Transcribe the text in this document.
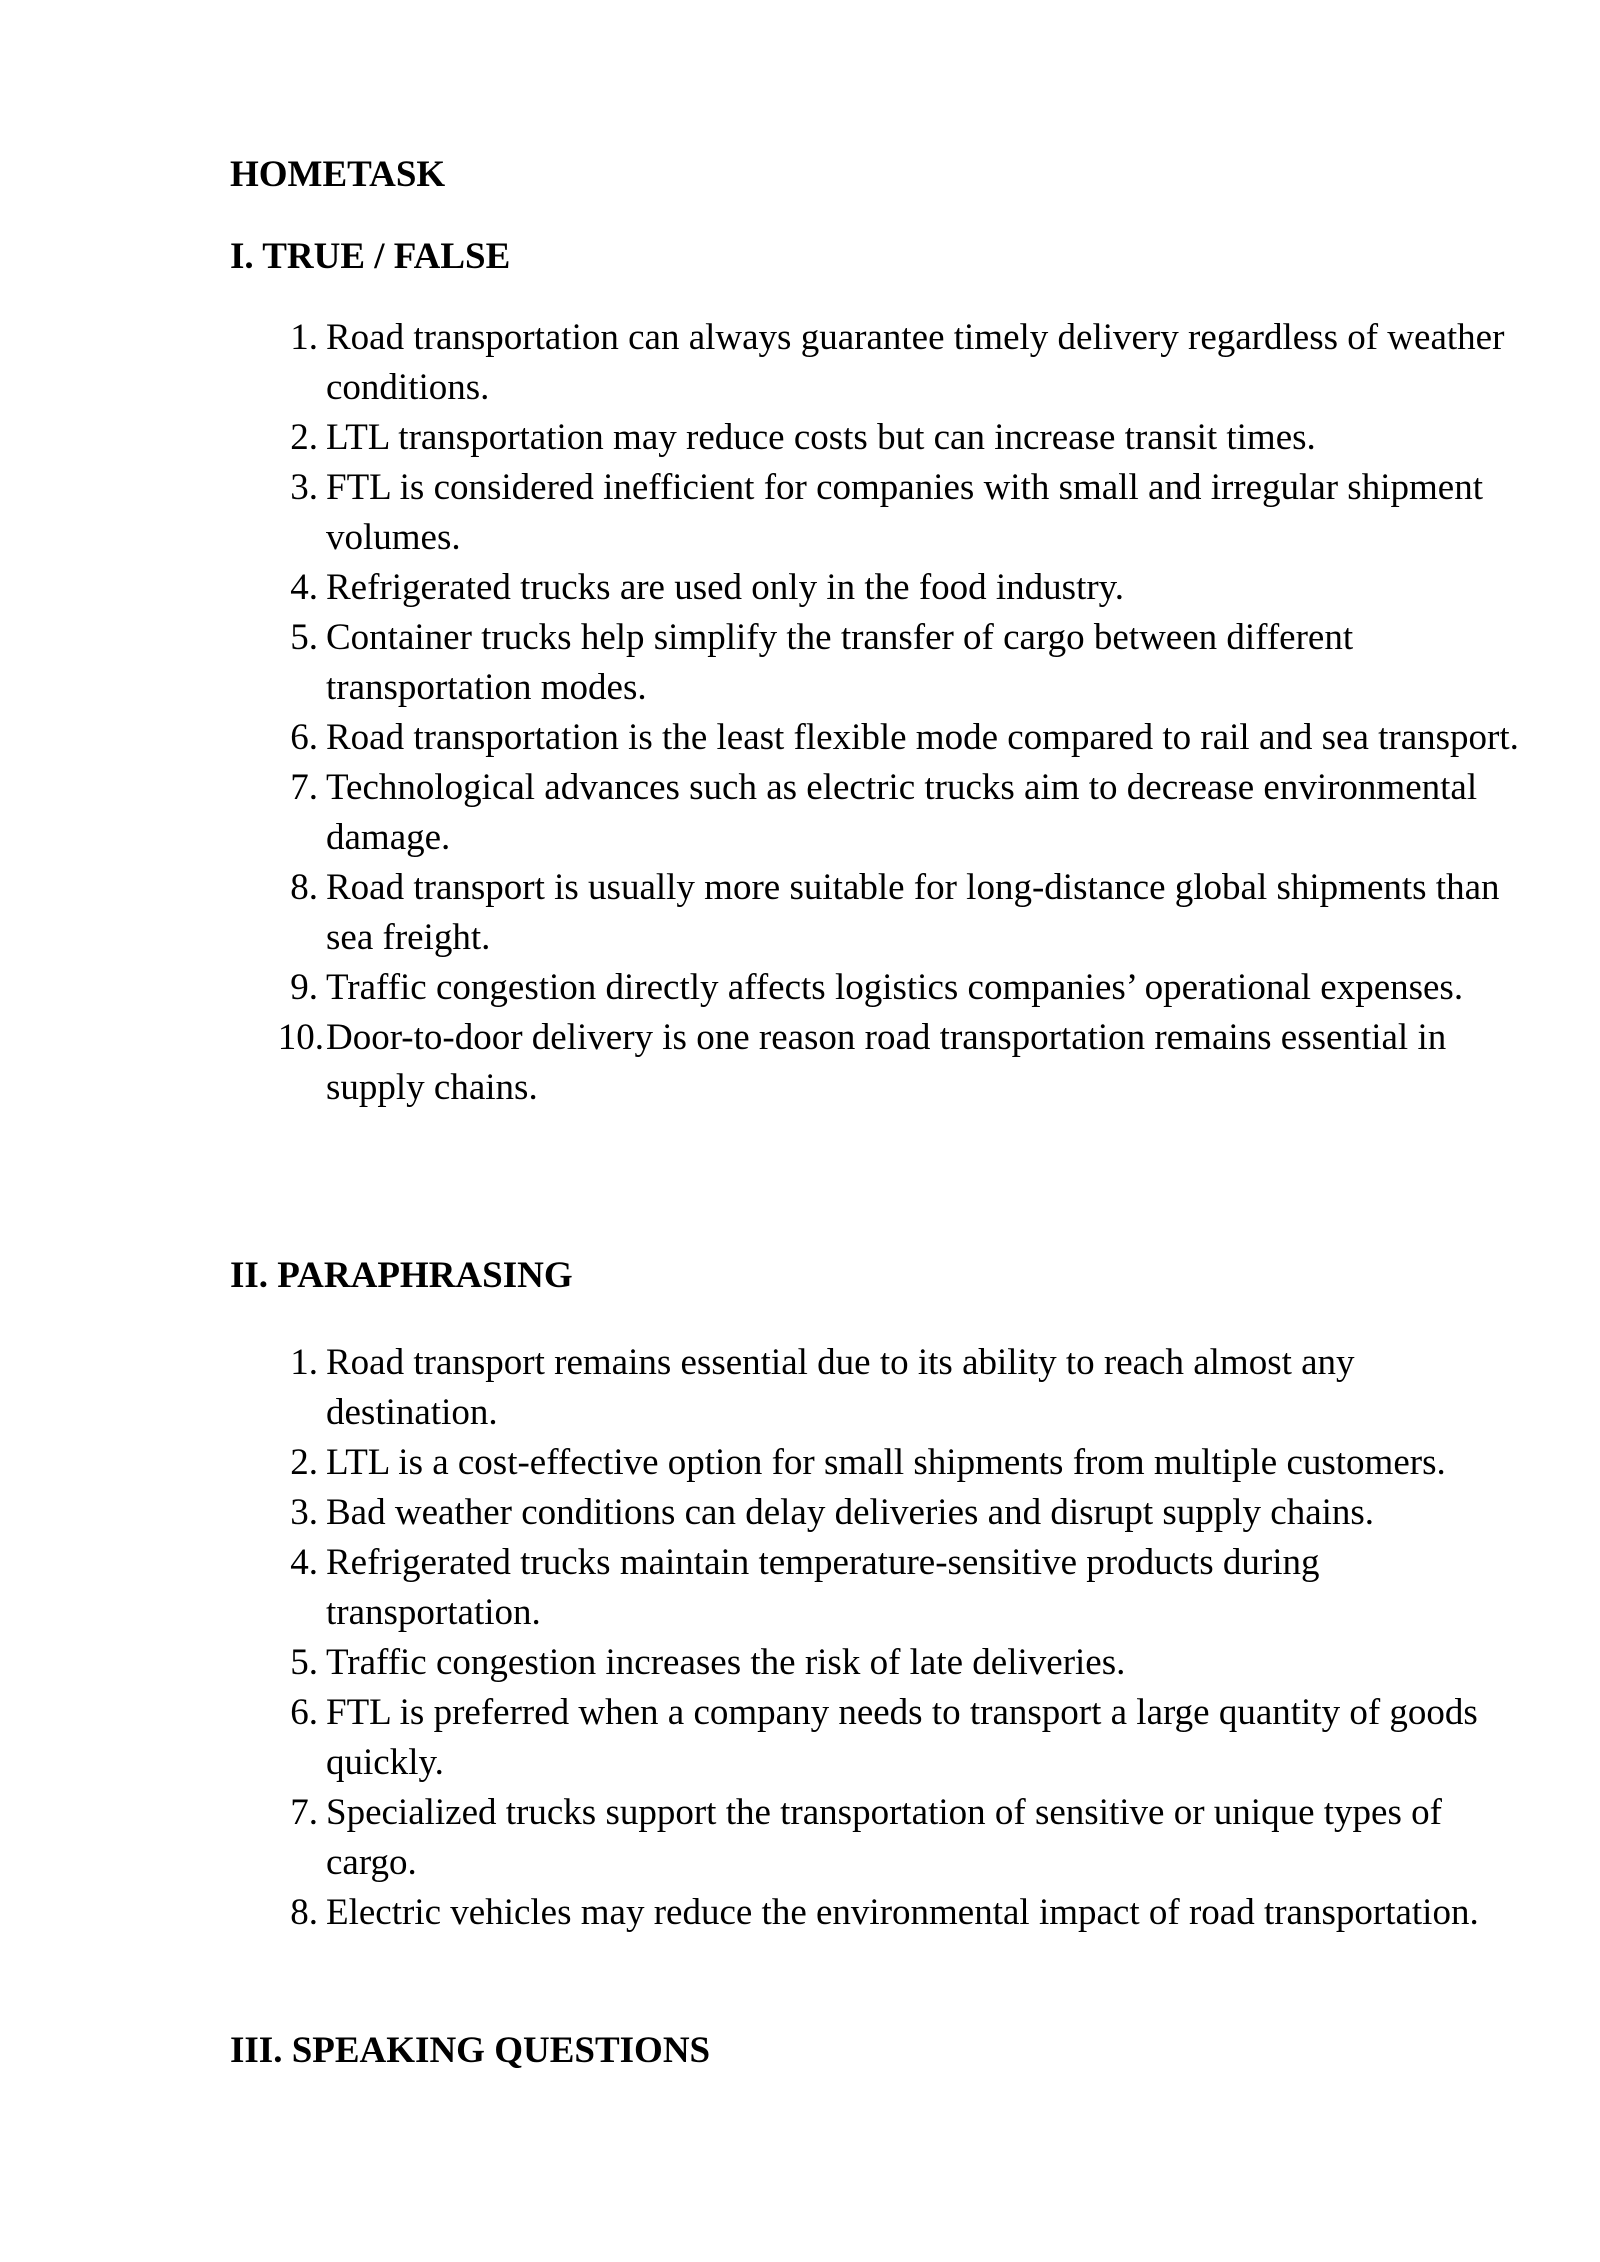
HOMETASK
I. TRUE / FALSE
1. Road transportation can always guarantee timely delivery regardless of weather conditions.
2. LTL transportation may reduce costs but can increase transit times.
3. FTL is considered inefficient for companies with small and irregular shipment volumes.
4. Refrigerated trucks are used only in the food industry.
5. Container trucks help simplify the transfer of cargo between different transportation modes.
6. Road transportation is the least flexible mode compared to rail and sea transport.
7. Technological advances such as electric trucks aim to decrease environmental damage.
8. Road transport is usually more suitable for long-distance global shipments than sea freight.
9. Traffic congestion directly affects logistics companies’ operational expenses.
10. Door-to-door delivery is one reason road transportation remains essential in supply chains.
II. PARAPHRASING
1. Road transport remains essential due to its ability to reach almost any destination.
2. LTL is a cost-effective option for small shipments from multiple customers.
3. Bad weather conditions can delay deliveries and disrupt supply chains.
4. Refrigerated trucks maintain temperature-sensitive products during transportation.
5. Traffic congestion increases the risk of late deliveries.
6. FTL is preferred when a company needs to transport a large quantity of goods quickly.
7. Specialized trucks support the transportation of sensitive or unique types of cargo.
8. Electric vehicles may reduce the environmental impact of road transportation.
III. SPEAKING QUESTIONS
